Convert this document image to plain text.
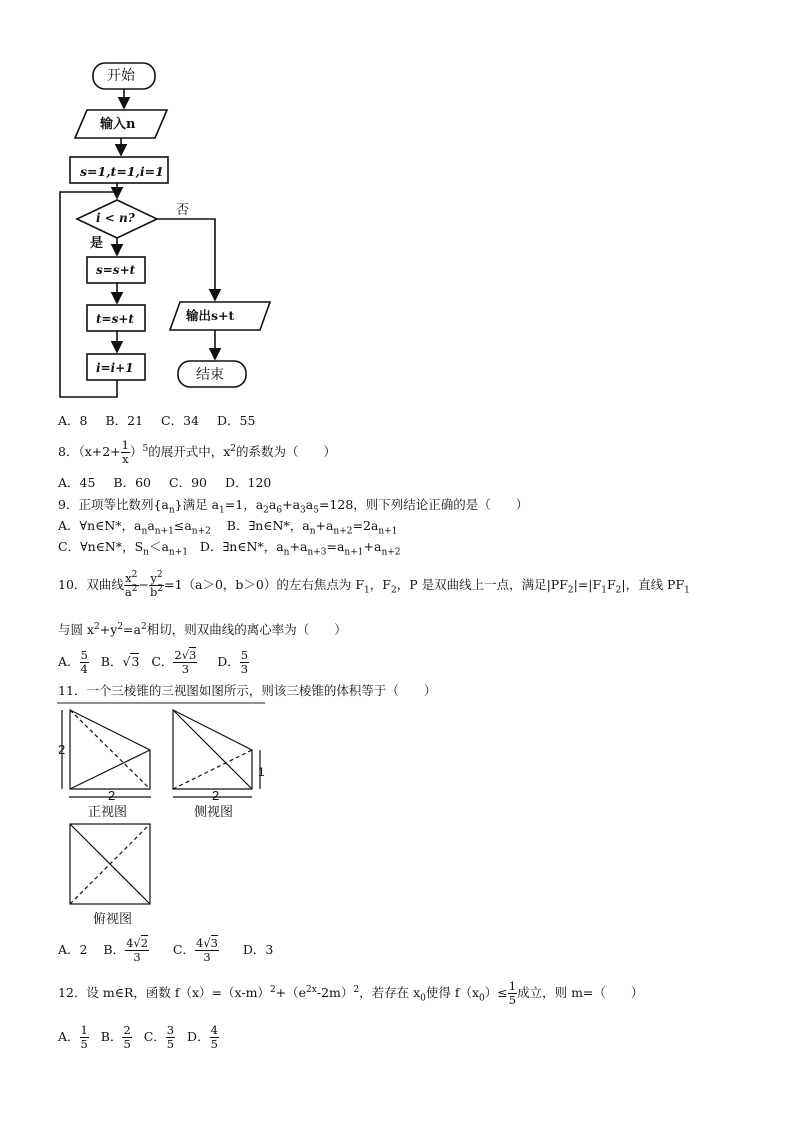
开始
输入n
s=1,t=1,i=1
i < n?	否
是
s=s+t
t=s+t
i=i+1
输出s+t
结束
A．8 B．21 C．34 D．55
8．$(x+2+ \frac{1}{x} )^5$的展开式中，$x^2$的系数为（　　）
A．45 B．60 C．90 D．120
9．正项等比数列$\{a_n\}$满足 $a_1=1$，$a_2a_6+a_3a_5=128$，则下列结论正确的是（　　）
A．∀n∈N*，$a_na_{n+1}\le a_{n+2}$ B．∃n∈N*，$a_n+a_{n+2}=2a_{n+1}$
C．∀n∈N*，$S_n<a_{n+1}$ D．∃n∈N*，$a_n+a_{n+3}=a_{n+1}+a_{n+2}$
10．双曲线 $\frac{x^2}{a^2} - \frac{y^2}{b^2} =1(a>0$，b＞0）的左右焦点为 $F_1$，$F_2$，P 是双曲线上一点，满足$|PF_2|=|F_1F_2|$，直线 $PF_1$
与圆 $x^2+y^2=a^2$相切，则双曲线的离心率为（　　）
A． $\frac{5}{4}$ B．√3 C． $\frac{2√3}{3}$ D． $\frac{5}{3}$
11．一个三棱锥的三视图如图所示，则该三棱锥的体积等于（　　）
2
2	2
1
正视图	侧视图
俯视图
A．2 B． $\frac{4√2}{3}$ C． $\frac{4√3}{3}$ D．3
12．设 m∈R，函数 $f(x)=(x-m)^2+(e^{2x}-2m)^2$，若存在 $x_0$使得 $f(x_0)\le \frac{1}{5}$ 成立，则 m=（　　）
A． $\frac{1}{5}$ B． $\frac{2}{5}$ C． $\frac{3}{5}$ D． $\frac{4}{5}$
